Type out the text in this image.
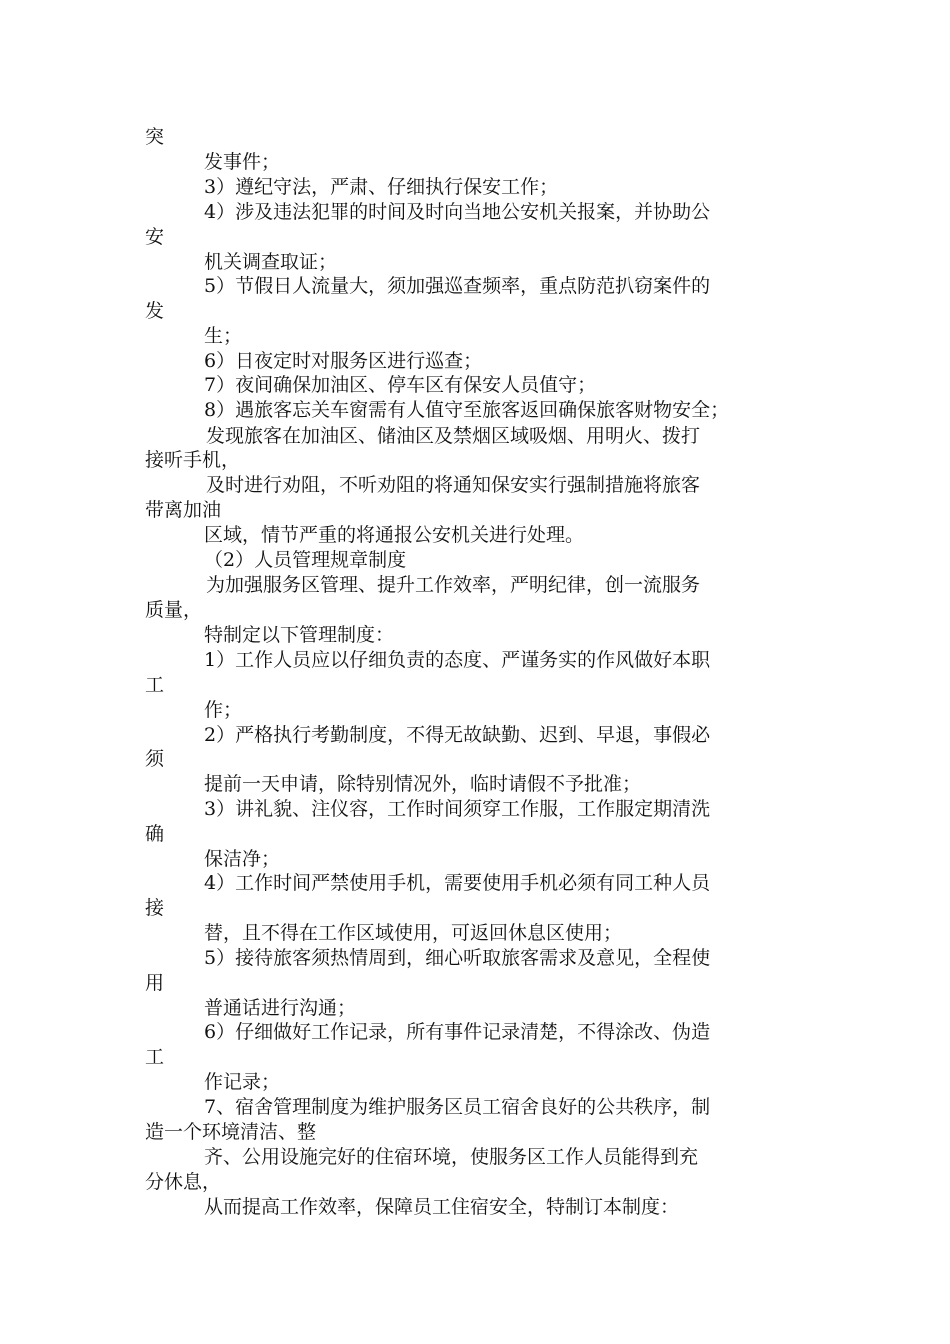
突
发事件；
3）遵纪守法，严肃、仔细执行保安工作；
4）涉及违法犯罪的时间及时向当地公安机关报案，并协助公
安
机关调查取证；
5）节假日人流量大，须加强巡查频率，重点防范扒窃案件的
发
生；
6）日夜定时对服务区进行巡查；
7）夜间确保加油区、停车区有保安人员值守；
8）遇旅客忘关车窗需有人值守至旅客返回确保旅客财物安全；
发现旅客在加油区、储油区及禁烟区域吸烟、用明火、拨打
接听手机，
及时进行劝阻，不听劝阻的将通知保安实行强制措施将旅客
带离加油
区域，情节严重的将通报公安机关进行处理。
（2）人员管理规章制度
为加强服务区管理、提升工作效率，严明纪律，创一流服务
质量，
特制定以下管理制度：
1）工作人员应以仔细负责的态度、严谨务实的作风做好本职
工
作；
2）严格执行考勤制度，不得无故缺勤、迟到、早退，事假必
须
提前一天申请，除特别情况外，临时请假不予批准；
3）讲礼貌、注仪容，工作时间须穿工作服，工作服定期清洗
确
保洁净；
4）工作时间严禁使用手机，需要使用手机必须有同工种人员
接
替，且不得在工作区域使用，可返回休息区使用；
5）接待旅客须热情周到，细心听取旅客需求及意见，全程使
用
普通话进行沟通；
6）仔细做好工作记录，所有事件记录清楚，不得涂改、伪造
工
作记录；
7、宿舍管理制度为维护服务区员工宿舍良好的公共秩序，制
造一个环境清洁、整
齐、公用设施完好的住宿环境，使服务区工作人员能得到充
分休息，
从而提高工作效率，保障员工住宿安全，特制订本制度：
